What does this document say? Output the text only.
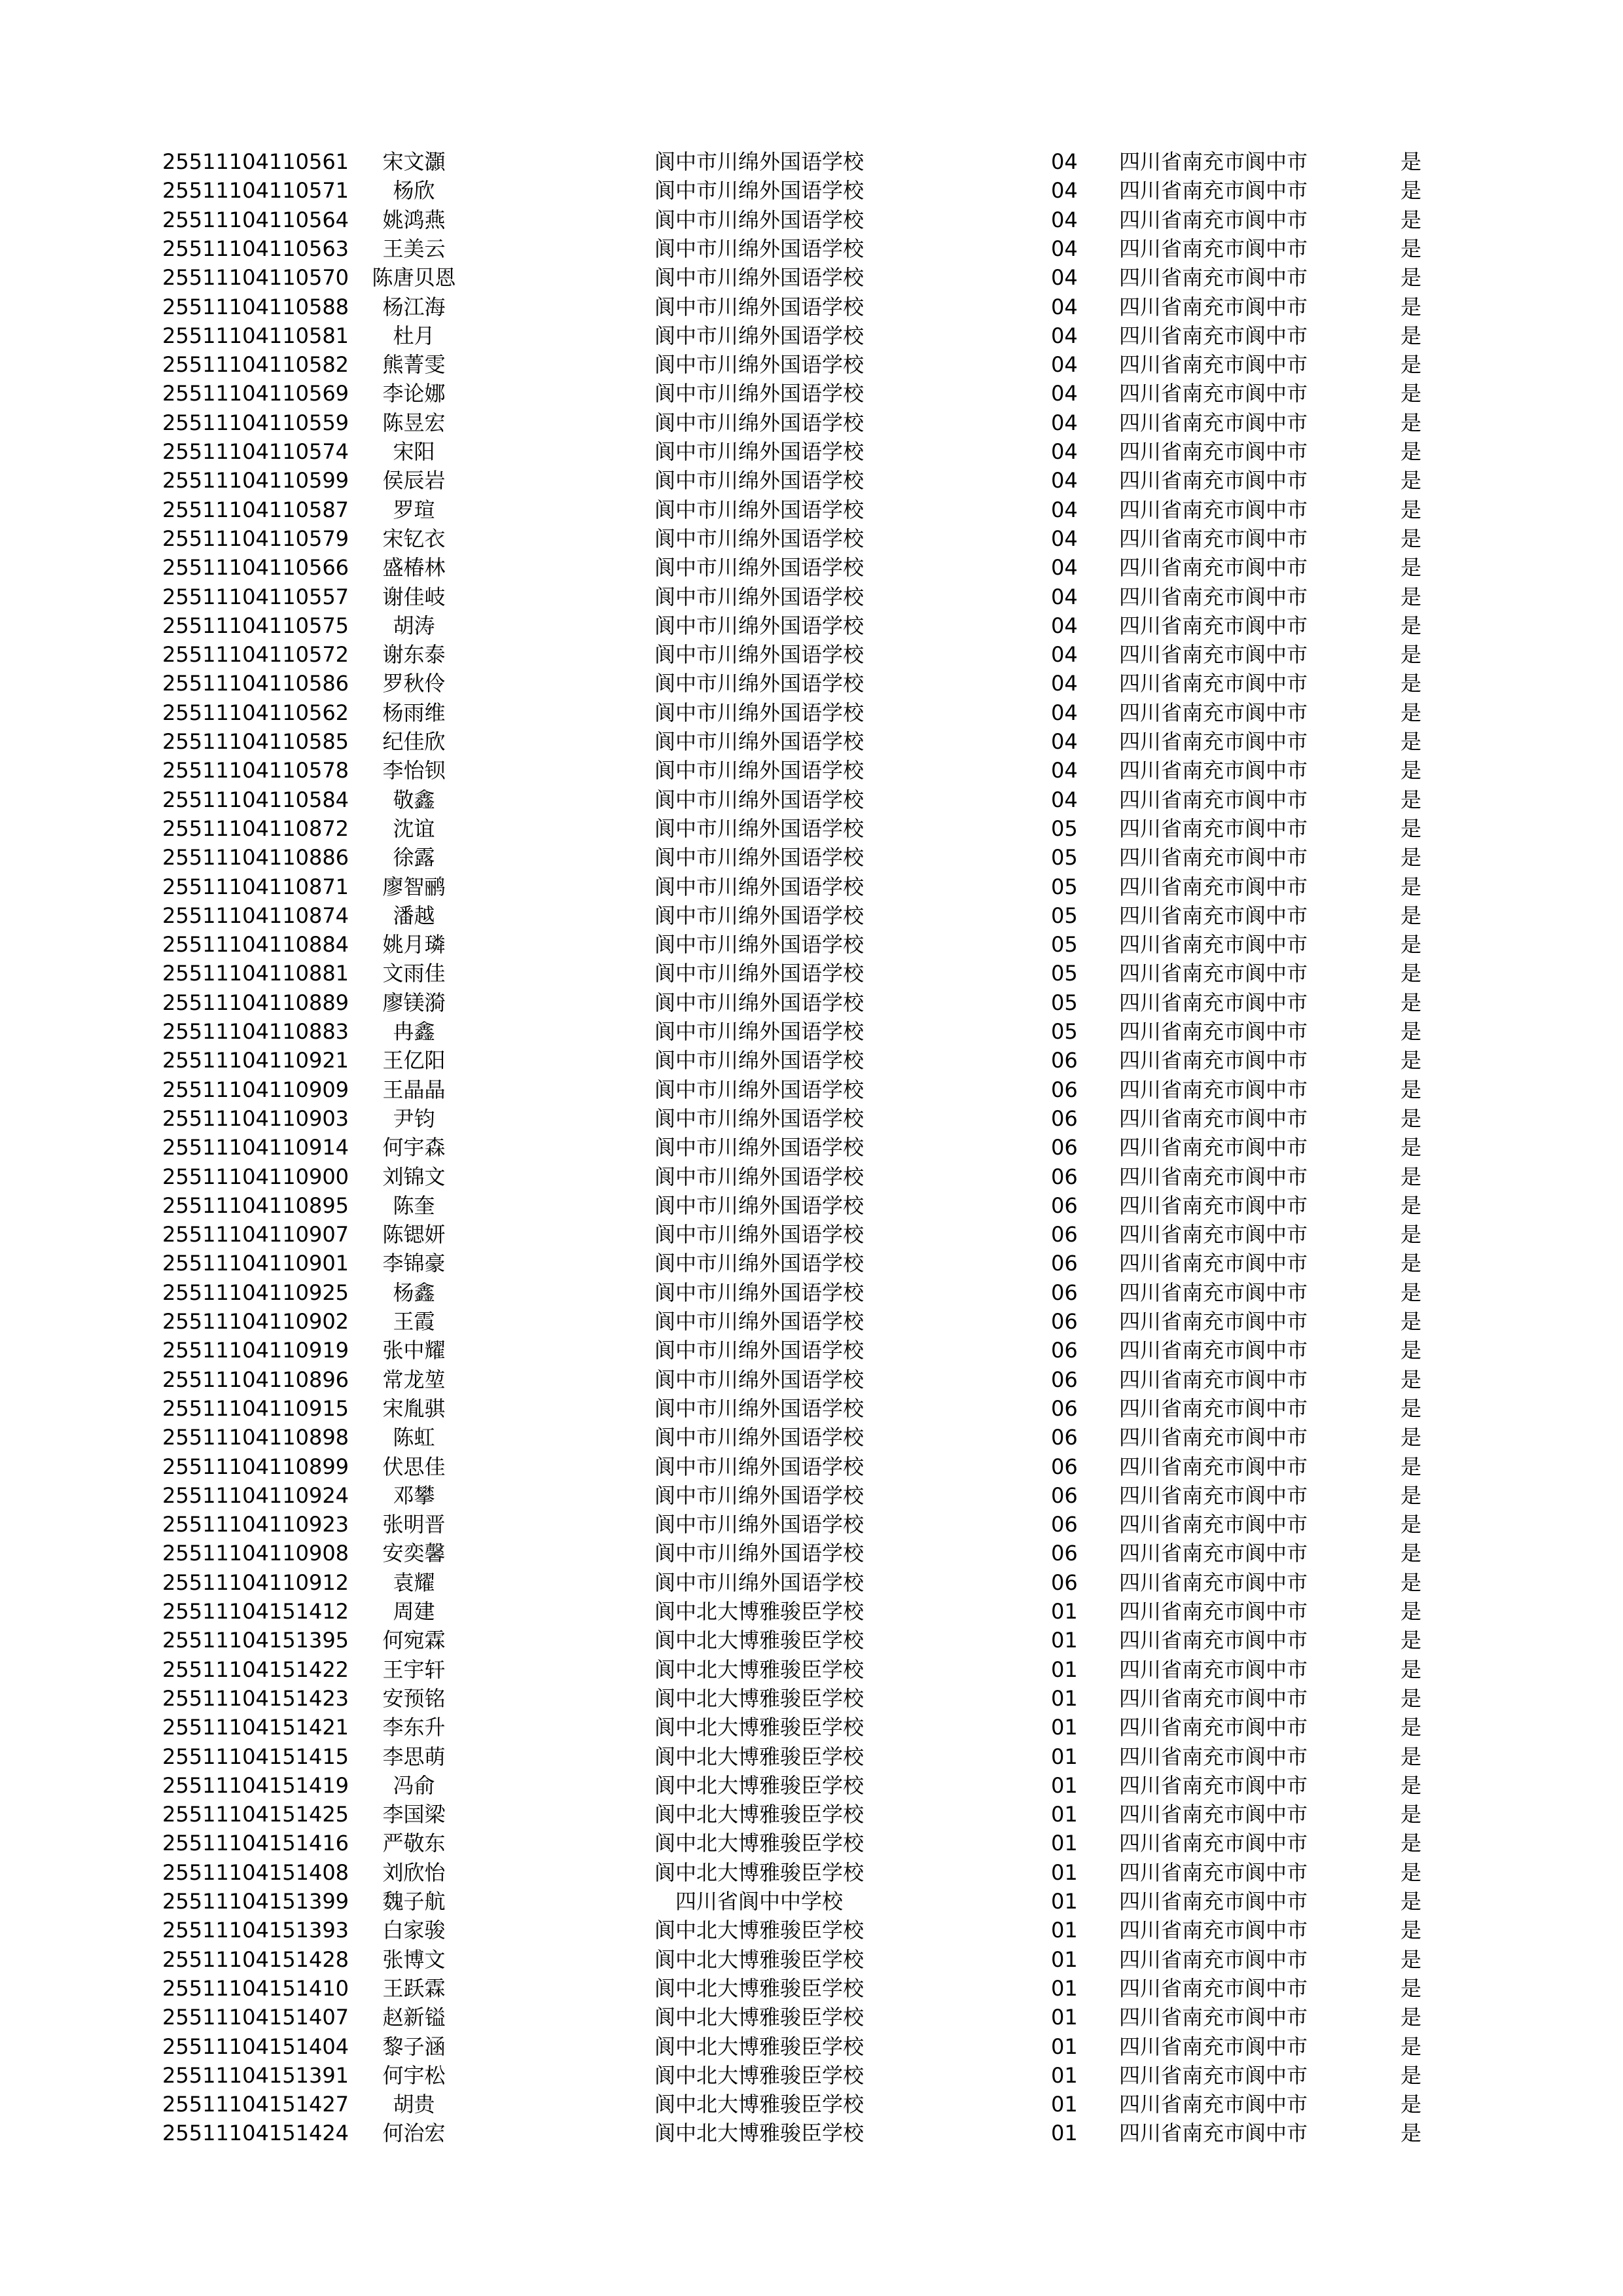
25511104110561	宋文灝	阆中市川绵外国语学校	04 四川省南充市阆中市	是
25511104110571	杨欣	阆中市川绵外国语学校	04 四川省南充市阆中市	是
25511104110564	姚鸿燕	阆中市川绵外国语学校	04 四川省南充市阆中市	是
25511104110563	王美云	阆中市川绵外国语学校	04 四川省南充市阆中市	是
25511104110570	陈唐贝恩	阆中市川绵外国语学校	04 四川省南充市阆中市	是
25511104110588	杨江海	阆中市川绵外国语学校	04 四川省南充市阆中市	是
25511104110581	杜月	阆中市川绵外国语学校	04 四川省南充市阆中市	是
25511104110582	熊菁雯	阆中市川绵外国语学校	04 四川省南充市阆中市	是
25511104110569	李论娜	阆中市川绵外国语学校	04 四川省南充市阆中市	是
25511104110559	陈昱宏	阆中市川绵外国语学校	04 四川省南充市阆中市	是
25511104110574	宋阳	阆中市川绵外国语学校	04 四川省南充市阆中市	是
25511104110599	侯辰岩	阆中市川绵外国语学校	04 四川省南充市阆中市	是
25511104110587	罗瑄	阆中市川绵外国语学校	04 四川省南充市阆中市	是
25511104110579	宋钇衣	阆中市川绵外国语学校	04 四川省南充市阆中市	是
25511104110566	盛椿林	阆中市川绵外国语学校	04 四川省南充市阆中市	是
25511104110557	谢佳岐	阆中市川绵外国语学校	04 四川省南充市阆中市	是
25511104110575	胡涛	阆中市川绵外国语学校	04 四川省南充市阆中市	是
25511104110572	谢东泰	阆中市川绵外国语学校	04 四川省南充市阆中市	是
25511104110586	罗秋伶	阆中市川绵外国语学校	04 四川省南充市阆中市	是
25511104110562	杨雨维	阆中市川绵外国语学校	04 四川省南充市阆中市	是
25511104110585	纪佳欣	阆中市川绵外国语学校	04 四川省南充市阆中市	是
25511104110578	李怡钡	阆中市川绵外国语学校	04 四川省南充市阆中市	是
25511104110584	敬鑫	阆中市川绵外国语学校	04 四川省南充市阆中市	是
25511104110872	沈谊	阆中市川绵外国语学校	05 四川省南充市阆中市	是
25511104110886	徐露	阆中市川绵外国语学校	05 四川省南充市阆中市	是
25511104110871	廖智鹂	阆中市川绵外国语学校	05 四川省南充市阆中市	是
25511104110874	潘越	阆中市川绵外国语学校	05 四川省南充市阆中市	是
25511104110884	姚月璘	阆中市川绵外国语学校	05 四川省南充市阆中市	是
25511104110881	文雨佳	阆中市川绵外国语学校	05 四川省南充市阆中市	是
25511104110889	廖镁漪	阆中市川绵外国语学校	05 四川省南充市阆中市	是
25511104110883	冉鑫	阆中市川绵外国语学校	05 四川省南充市阆中市	是
25511104110921	王亿阳	阆中市川绵外国语学校	06 四川省南充市阆中市	是
25511104110909	王晶晶	阆中市川绵外国语学校	06 四川省南充市阆中市	是
25511104110903	尹钧	阆中市川绵外国语学校	06 四川省南充市阆中市	是
25511104110914	何宇森	阆中市川绵外国语学校	06 四川省南充市阆中市	是
25511104110900	刘锦文	阆中市川绵外国语学校	06 四川省南充市阆中市	是
25511104110895	陈奎	阆中市川绵外国语学校	06 四川省南充市阆中市	是
25511104110907	陈锶妍	阆中市川绵外国语学校	06 四川省南充市阆中市	是
25511104110901	李锦豪	阆中市川绵外国语学校	06 四川省南充市阆中市	是
25511104110925	杨鑫	阆中市川绵外国语学校	06 四川省南充市阆中市	是
25511104110902	王霞	阆中市川绵外国语学校	06 四川省南充市阆中市	是
25511104110919	张中耀	阆中市川绵外国语学校	06 四川省南充市阆中市	是
25511104110896	常龙堃	阆中市川绵外国语学校	06 四川省南充市阆中市	是
25511104110915	宋胤骐	阆中市川绵外国语学校	06 四川省南充市阆中市	是
25511104110898	陈虹	阆中市川绵外国语学校	06 四川省南充市阆中市	是
25511104110899	伏思佳	阆中市川绵外国语学校	06 四川省南充市阆中市	是
25511104110924	邓攀	阆中市川绵外国语学校	06 四川省南充市阆中市	是
25511104110923	张明晋	阆中市川绵外国语学校	06 四川省南充市阆中市	是
25511104110908	安奕馨	阆中市川绵外国语学校	06 四川省南充市阆中市	是
25511104110912	袁耀	阆中市川绵外国语学校	06 四川省南充市阆中市	是
25511104151412	周建	阆中北大博雅骏臣学校	01 四川省南充市阆中市	是
25511104151395	何宛霖	阆中北大博雅骏臣学校	01 四川省南充市阆中市	是
25511104151422	王宇轩	阆中北大博雅骏臣学校	01 四川省南充市阆中市	是
25511104151423	安预铭	阆中北大博雅骏臣学校	01 四川省南充市阆中市	是
25511104151421	李东升	阆中北大博雅骏臣学校	01 四川省南充市阆中市	是
25511104151415	李思萌	阆中北大博雅骏臣学校	01 四川省南充市阆中市	是
25511104151419	冯俞	阆中北大博雅骏臣学校	01 四川省南充市阆中市	是
25511104151425	李国梁	阆中北大博雅骏臣学校	01 四川省南充市阆中市	是
25511104151416	严敬东	阆中北大博雅骏臣学校	01 四川省南充市阆中市	是
25511104151408	刘欣怡	阆中北大博雅骏臣学校	01 四川省南充市阆中市	是
25511104151399	魏子航	四川省阆中中学校	01 四川省南充市阆中市	是
25511104151393	白家骏	阆中北大博雅骏臣学校	01 四川省南充市阆中市	是
25511104151428	张博文	阆中北大博雅骏臣学校	01 四川省南充市阆中市	是
25511104151410	王跃霖	阆中北大博雅骏臣学校	01 四川省南充市阆中市	是
25511104151407	赵新镒	阆中北大博雅骏臣学校	01 四川省南充市阆中市	是
25511104151404	黎子涵	阆中北大博雅骏臣学校	01 四川省南充市阆中市	是
25511104151391	何宇松	阆中北大博雅骏臣学校	01 四川省南充市阆中市	是
25511104151427	胡贵	阆中北大博雅骏臣学校	01 四川省南充市阆中市	是
25511104151424	何治宏	阆中北大博雅骏臣学校	01 四川省南充市阆中市	是
